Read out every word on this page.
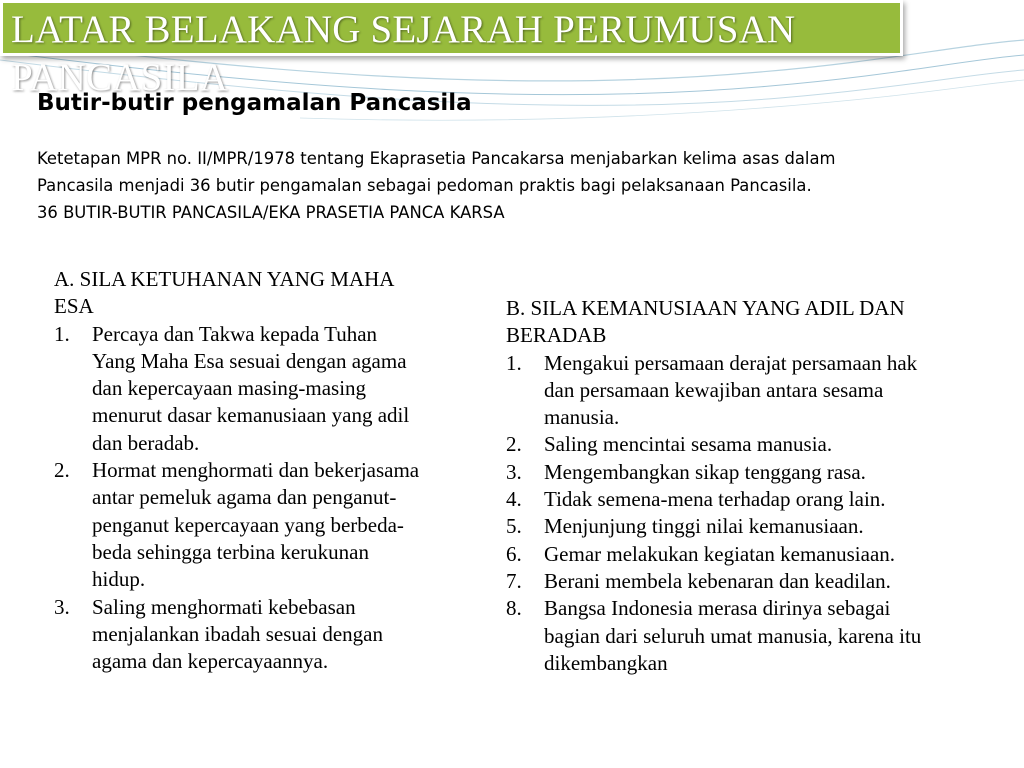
LATAR BELAKANG SEJARAH PERUMUSAN PANCASILA
Butir-butir pengamalan Pancasila

Ketetapan MPR no. II/MPR/1978 tentang Ekaprasetia Pancakarsa menjabarkan kelima asas dalam Pancasila menjadi 36 butir pengamalan sebagai pedoman praktis bagi pelaksanaan Pancasila.

36 BUTIR-BUTIR PANCASILA/EKA PRASETIA PANCA KARSA

A. SILA KETUHANAN YANG MAHA ESA
1.	Percaya dan Takwa kepada Tuhan Yang Maha Esa sesuai dengan agama dan kepercayaan masing-masing menurut dasar kemanusiaan yang adil dan beradab.
2.	Hormat menghormati dan bekerjasama antar pemeluk agama dan penganut-penganut kepercayaan yang berbeda-beda sehingga terbina kerukunan hidup.
3.	Saling menghormati kebebasan menjalankan ibadah sesuai dengan agama dan kepercayaannya.
B. SILA KEMANUSIAAN YANG ADIL DAN BERADAB
1.	Mengakui persamaan derajat persamaan hak dan persamaan kewajiban antara sesama manusia.
2.	Saling mencintai sesama manusia.
3.	Mengembangkan sikap tenggang rasa.
4.	Tidak semena-mena terhadap orang lain.
5.	Menjunjung tinggi nilai kemanusiaan.
6.	Gemar melakukan kegiatan kemanusiaan.
7.	Berani membela kebenaran dan keadilan.
8.	Bangsa Indonesia merasa dirinya sebagai bagian dari seluruh umat manusia, karena itu dikembangkan
